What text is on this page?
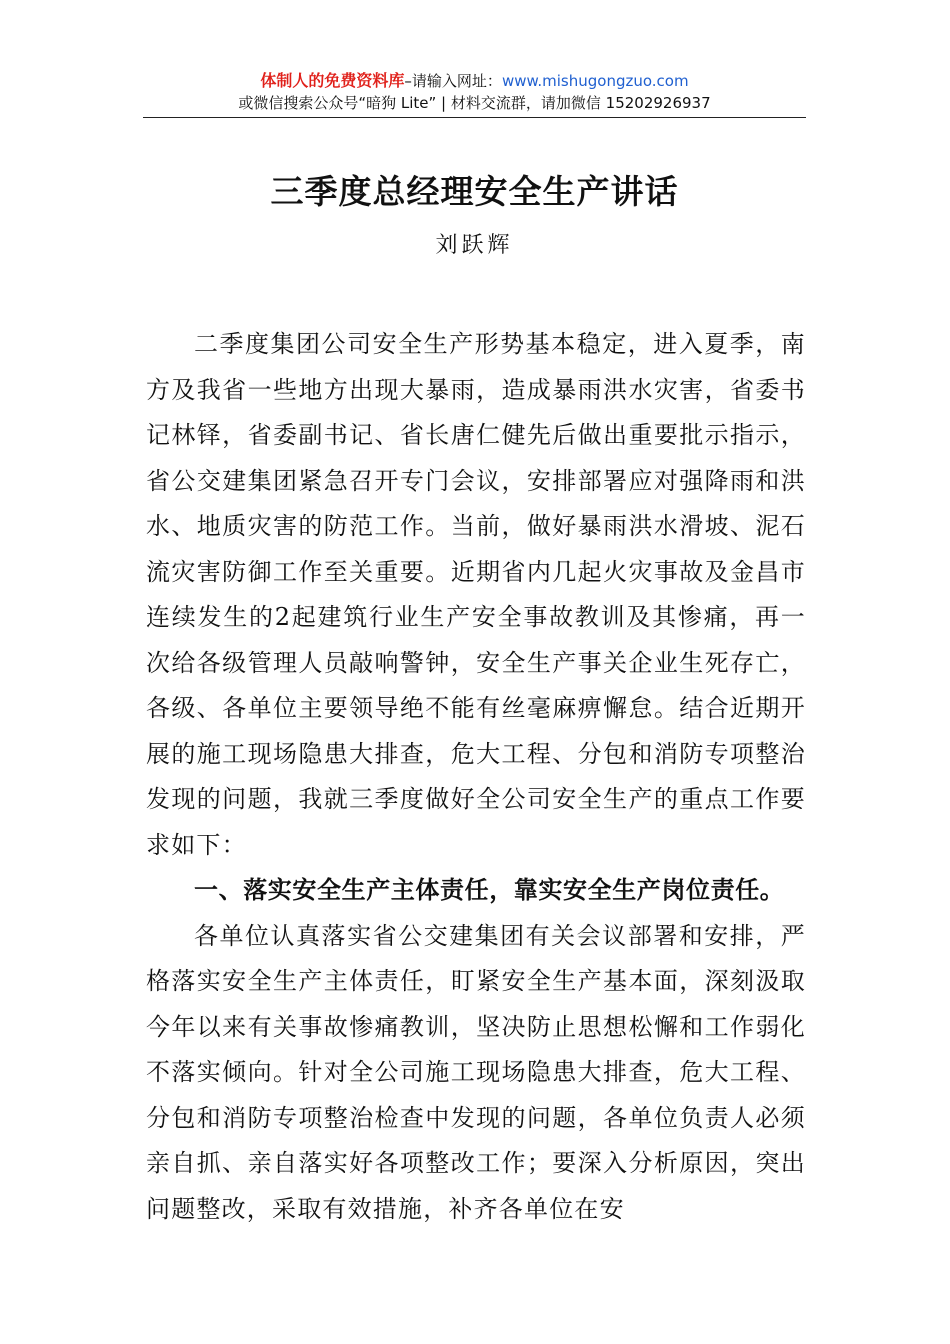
体制人的免费资料库–请输入网址：www.mishugongzuo.com
或微信搜索公众号“暗狗 Lite” | 材料交流群，请加微信 15202926937
三季度总经理安全生产讲话
刘跃辉

二季度集团公司安全生产形势基本稳定，进入夏季，南方及我省一些地方出现大暴雨，造成暴雨洪水灾害，省委书记林铎，省委副书记、省长唐仁健先后做出重要批示指示，省公交建集团紧急召开专门会议，安排部署应对强降雨和洪水、地质灾害的防范工作。当前，做好暴雨洪水滑坡、泥石流灾害防御工作至关重要。近期省内几起火灾事故及金昌市连续发生的2起建筑行业生产安全事故教训及其惨痛，再一次给各级管理人员敲响警钟，安全生产事关企业生死存亡，各级、各单位主要领导绝不能有丝毫麻痹懈怠。结合近期开展的施工现场隐患大排查，危大工程、分包和消防专项整治发现的问题，我就三季度做好全公司安全生产的重点工作要求如下：

一、落实安全生产主体责任，靠实安全生产岗位责任。

各单位认真落实省公交建集团有关会议部署和安排，严格落实安全生产主体责任，盯紧安全生产基本面，深刻汲取今年以来有关事故惨痛教训，坚决防止思想松懈和工作弱化不落实倾向。针对全公司施工现场隐患大排查，危大工程、分包和消防专项整治检查中发现的问题，各单位负责人必须亲自抓、亲自落实好各项整改工作；要深入分析原因，突出问题整改，采取有效措施，补齐各单位在安
